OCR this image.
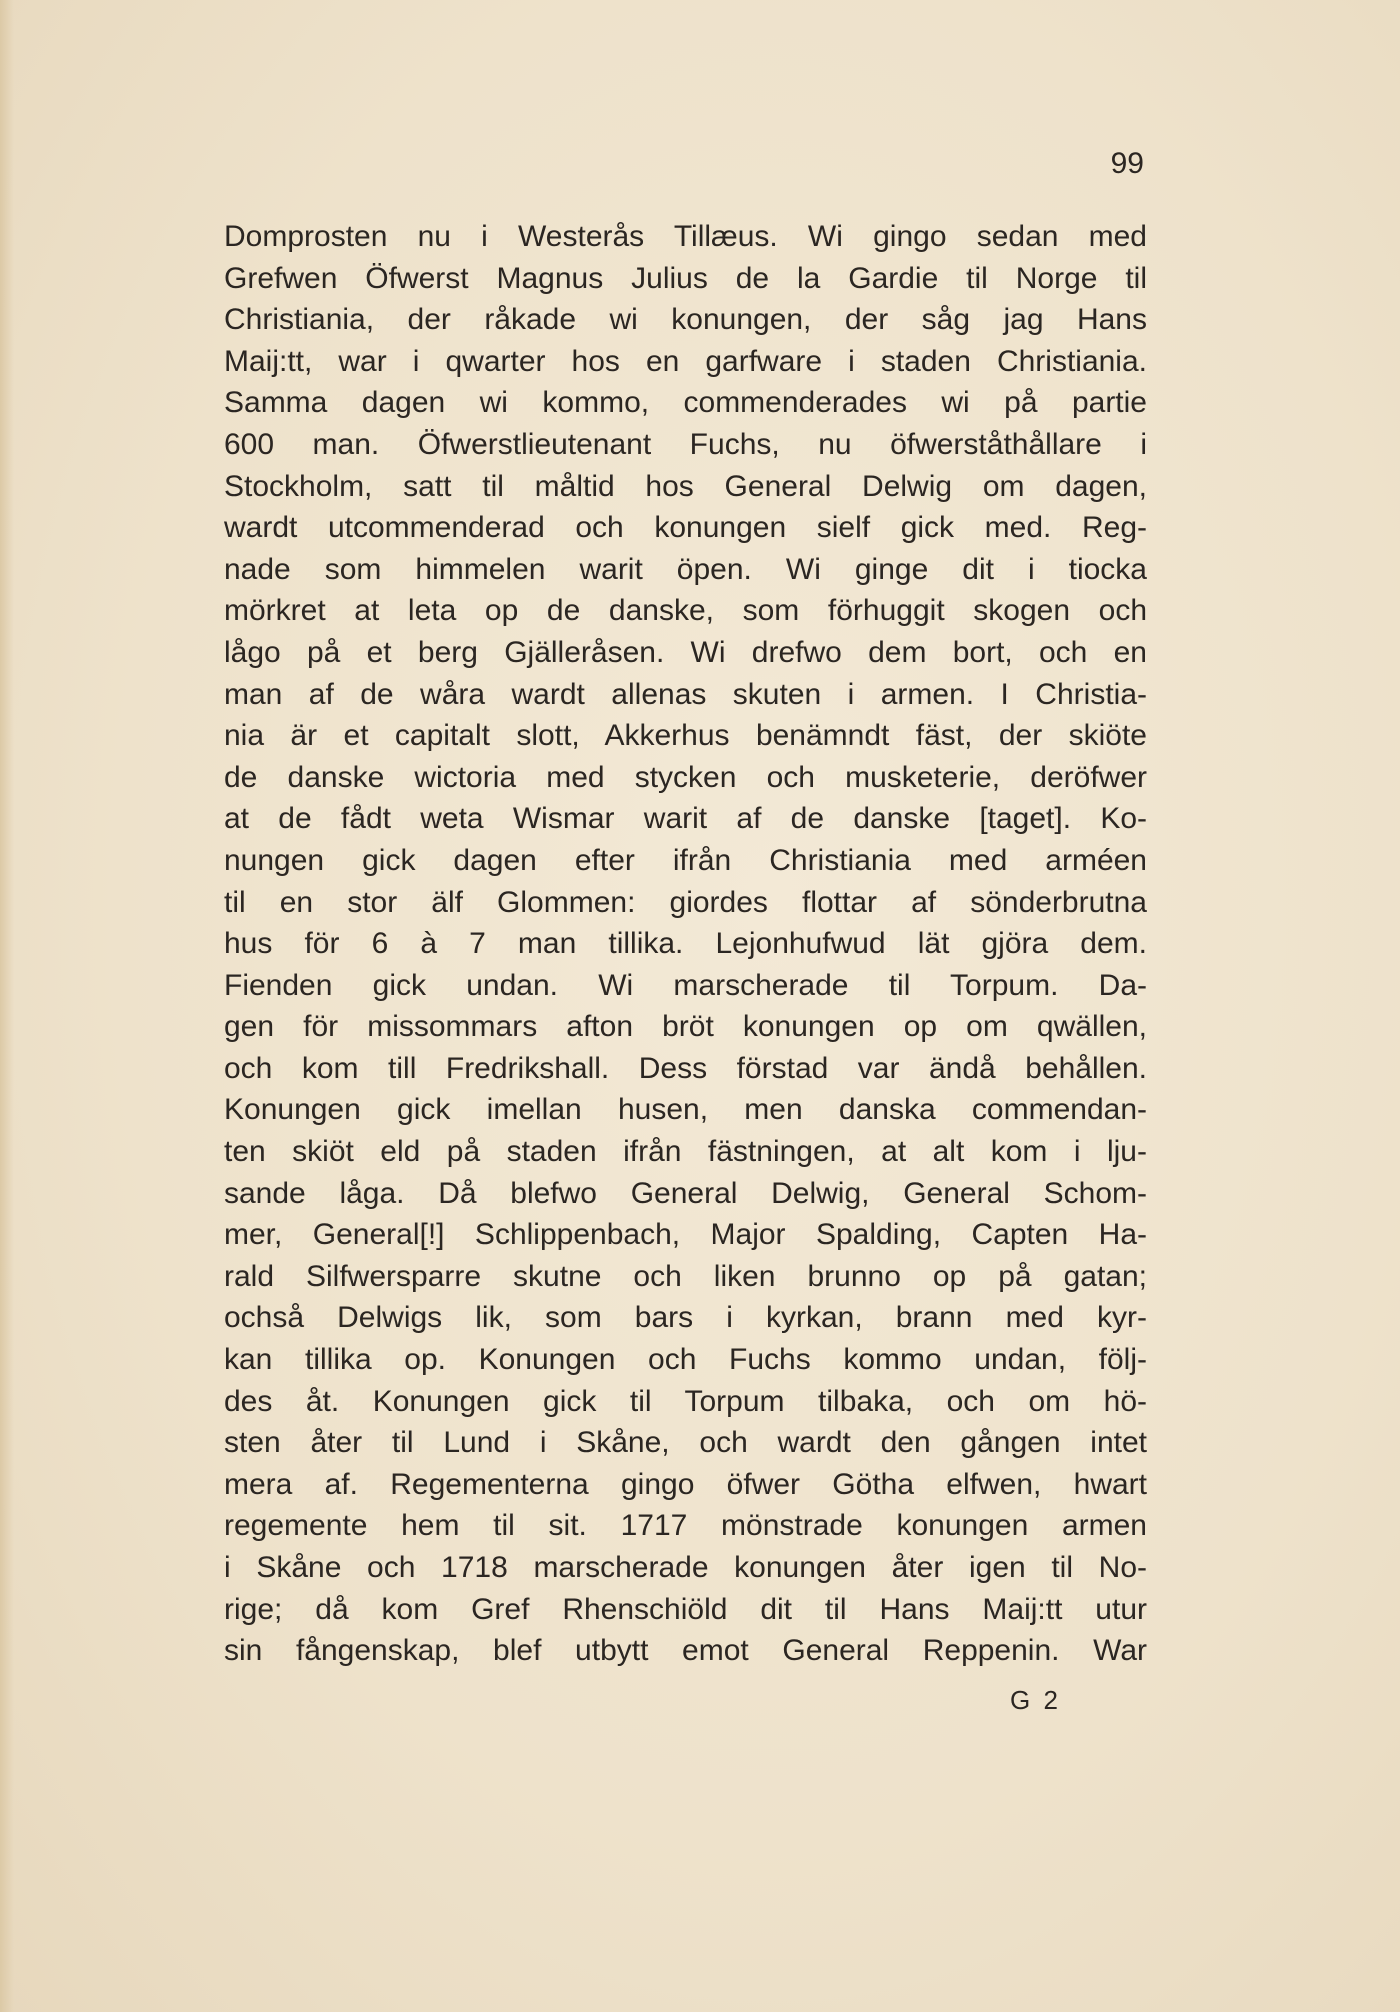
99
Domprosten nu i Westerås Tillæus. Wi gingo sedan med
Grefwen Öfwerst Magnus Julius de la Gardie til Norge til
Christiania, der råkade wi konungen, der såg jag Hans
Maij:tt, war i qwarter hos en garfware i staden Christiania.
Samma dagen wi kommo, commenderades wi på partie
600 man. Öfwerstlieutenant Fuchs, nu öfwerståthållare i
Stockholm, satt til måltid hos General Delwig om dagen,
wardt utcommenderad och konungen sielf gick med. Reg-
nade som himmelen warit öpen. Wi ginge dit i tiocka
mörkret at leta op de danske, som förhuggit skogen och
lågo på et berg Gjälleråsen. Wi drefwo dem bort, och en
man af de wåra wardt allenas skuten i armen. I Christia-
nia är et capitalt slott, Akkerhus benämndt fäst, der skiöte
de danske wictoria med stycken och musketerie, deröfwer
at de fådt weta Wismar warit af de danske [taget]. Ko-
nungen gick dagen efter ifrån Christiania med arméen
til en stor älf Glommen: giordes flottar af sönderbrutna
hus för 6 à 7 man tillika. Lejonhufwud lät gjöra dem.
Fienden gick undan. Wi marscherade til Torpum. Da-
gen för missommars afton bröt konungen op om qwällen,
och kom till Fredrikshall. Dess förstad var ändå behållen.
Konungen gick imellan husen, men danska commendan-
ten skiöt eld på staden ifrån fästningen, at alt kom i lju-
sande låga. Då blefwo General Delwig, General Schom-
mer, General[!] Schlippenbach, Major Spalding, Capten Ha-
rald Silfwersparre skutne och liken brunno op på gatan;
ochså Delwigs lik, som bars i kyrkan, brann med kyr-
kan tillika op. Konungen och Fuchs kommo undan, följ-
des åt. Konungen gick til Torpum tilbaka, och om hö-
sten åter til Lund i Skåne, och wardt den gången intet
mera af. Regementerna gingo öfwer Götha elfwen, hwart
regemente hem til sit. 1717 mönstrade konungen armen
i Skåne och 1718 marscherade konungen åter igen til No-
rige; då kom Gref Rhenschiöld dit til Hans Maij:tt utur
sin fångenskap, blef utbytt emot General Reppenin. War
G 2
